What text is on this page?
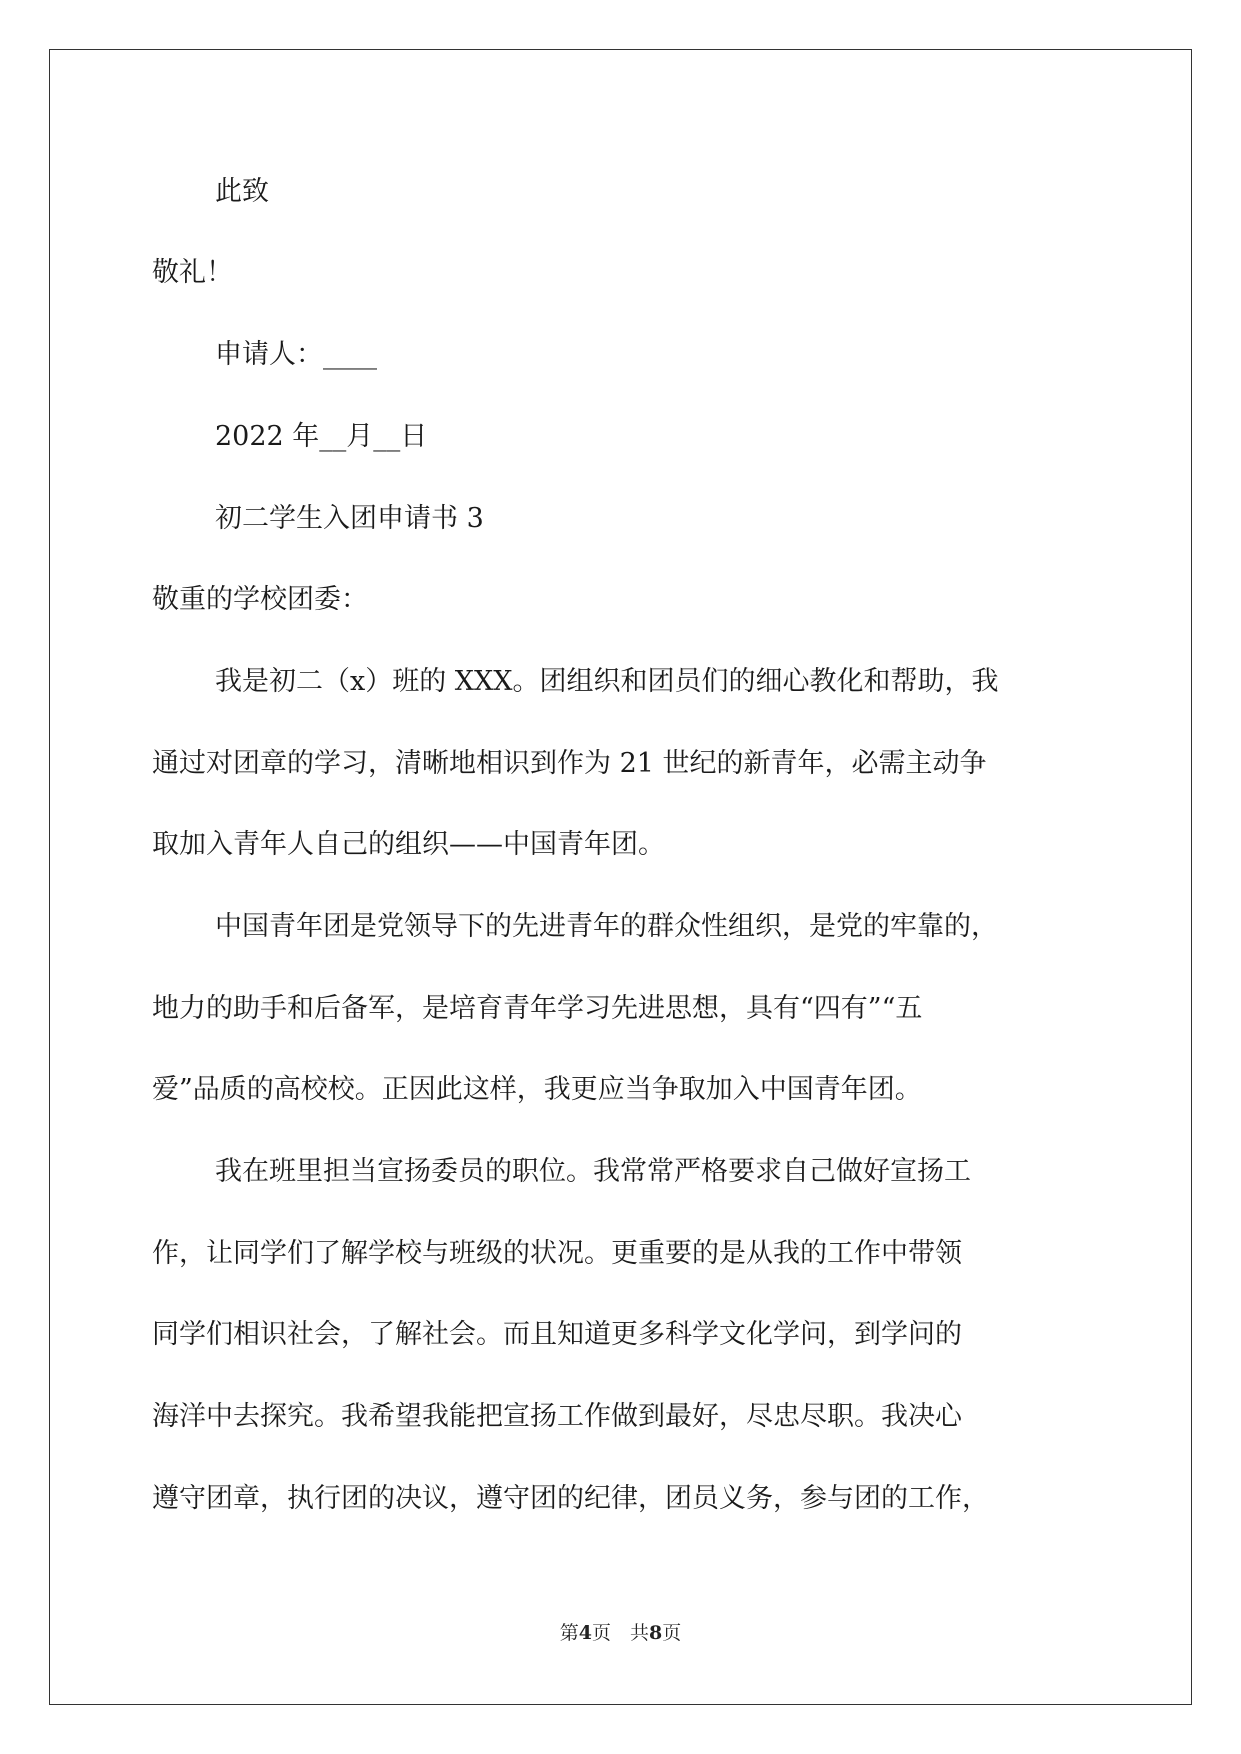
此致
敬礼！
申请人：____
2022 年__月__日
初二学生入团申请书 3
敬重的学校团委：
我是初二（x）班的 XXX。团组织和团员们的细心教化和帮助，我
通过对团章的学习，清晰地相识到作为 21 世纪的新青年，必需主动争
取加入青年人自己的组织——中国青年团。
中国青年团是党领导下的先进青年的群众性组织，是党的牢靠的，
地力的助手和后备军，是培育青年学习先进思想，具有“四有”“五
爱”品质的高校校。正因此这样，我更应当争取加入中国青年团。
我在班里担当宣扬委员的职位。我常常严格要求自己做好宣扬工
作，让同学们了解学校与班级的状况。更重要的是从我的工作中带领
同学们相识社会，了解社会。而且知道更多科学文化学问，到学问的
海洋中去探究。我希望我能把宣扬工作做到最好，尽忠尽职。我决心
遵守团章，执行团的决议，遵守团的纪律，团员义务，参与团的工作，
第4页　共8页
